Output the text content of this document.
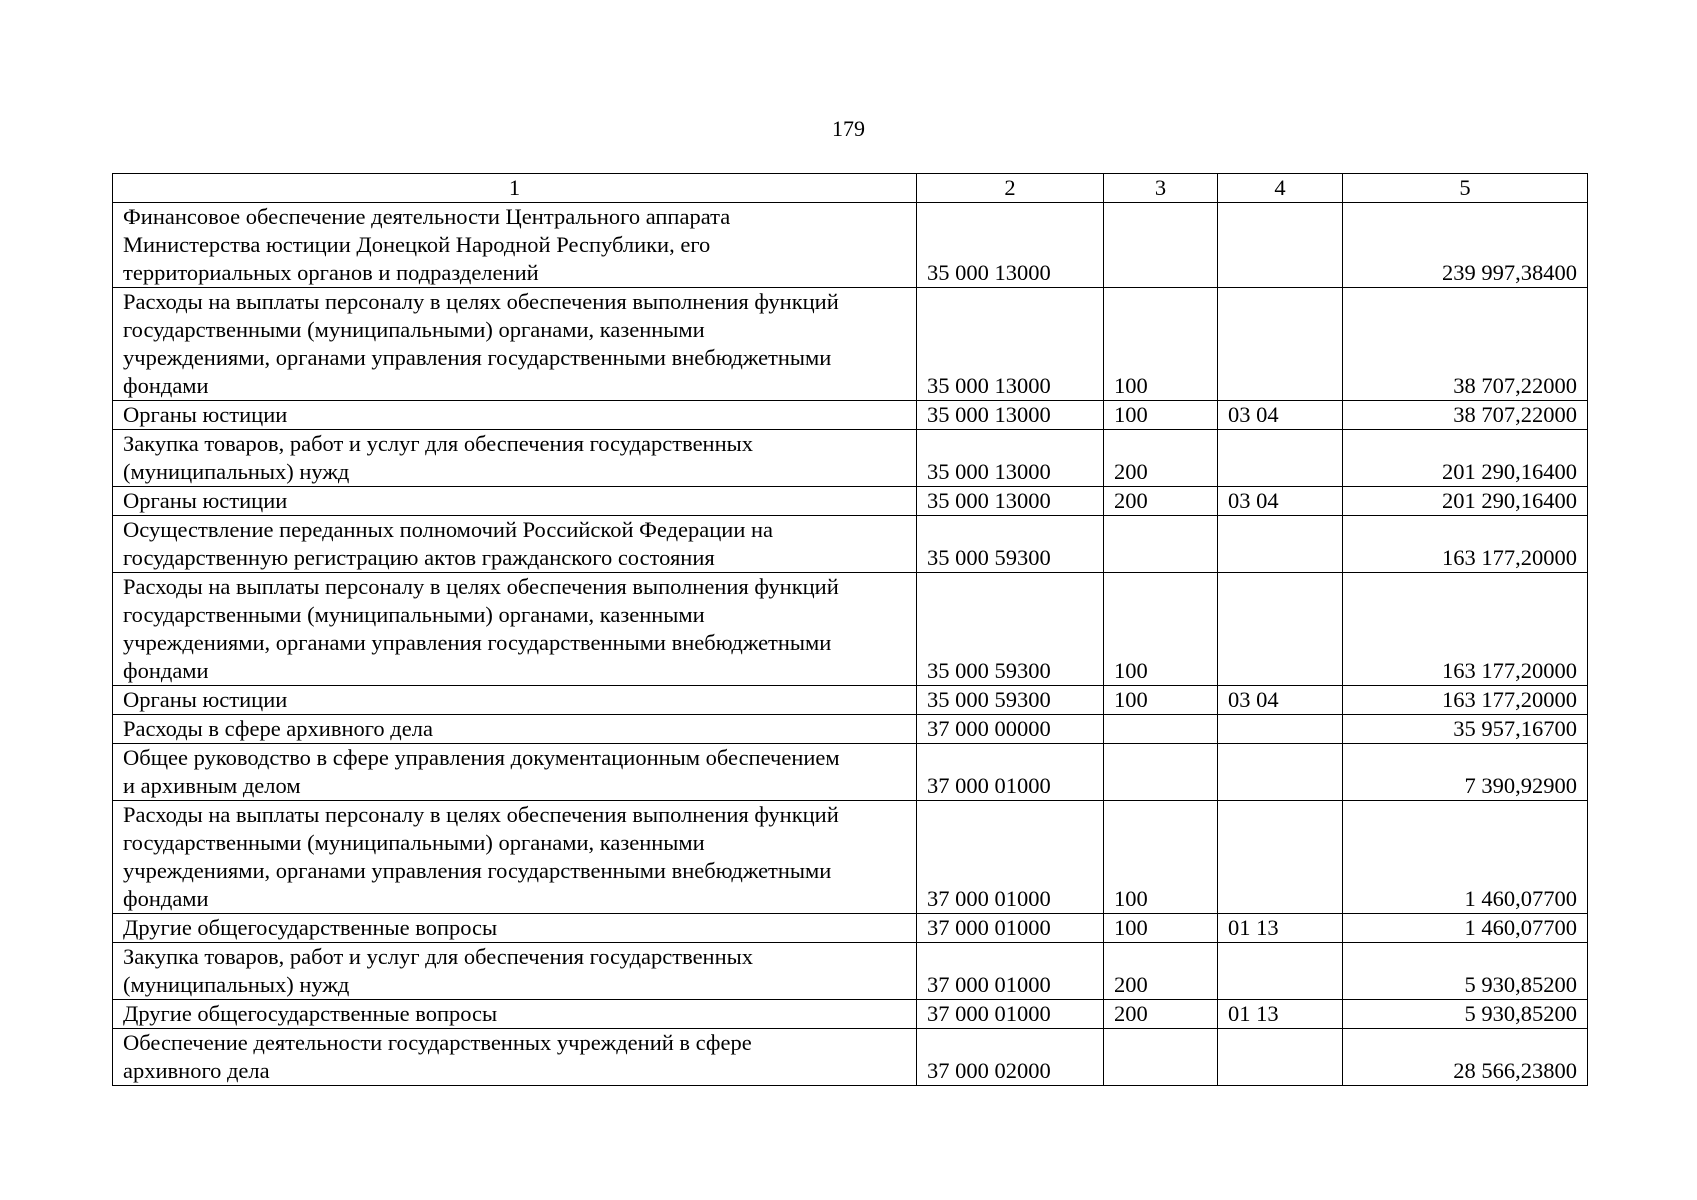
179
1	2	3	4	5

Финансовое обеспечение деятельности Центрального аппарата
Министерства юстиции Донецкой Народной Республики, его
территориальных органов и подразделений	35 000 13000			239 997,38400

Расходы на выплаты персоналу в целях обеспечения выполнения функций
государственными (муниципальными) органами, казенными
учреждениями, органами управления государственными внебюджетными
фондами	35 000 13000	100		38 707,22000

Органы юстиции	35 000 13000	100	03 04	38 707,22000

Закупка товаров, работ и услуг для обеспечения государственных
(муниципальных) нужд	35 000 13000	200		201 290,16400

Органы юстиции	35 000 13000	200	03 04	201 290,16400

Осуществление переданных полномочий Российской Федерации на
государственную регистрацию актов гражданского состояния	35 000 59300			163 177,20000

Расходы на выплаты персоналу в целях обеспечения выполнения функций
государственными (муниципальными) органами, казенными
учреждениями, органами управления государственными внебюджетными
фондами	35 000 59300	100		163 177,20000

Органы юстиции	35 000 59300	100	03 04	163 177,20000

Расходы в сфере архивного дела	37 000 00000			35 957,16700

Общее руководство в сфере управления документационным обеспечением
и архивным делом	37 000 01000			7 390,92900

Расходы на выплаты персоналу в целях обеспечения выполнения функций
государственными (муниципальными) органами, казенными
учреждениями, органами управления государственными внебюджетными
фондами	37 000 01000	100		1 460,07700

Другие общегосударственные вопросы	37 000 01000	100	01 13	1 460,07700

Закупка товаров, работ и услуг для обеспечения государственных
(муниципальных) нужд	37 000 01000	200		5 930,85200

Другие общегосударственные вопросы	37 000 01000	200	01 13	5 930,85200

Обеспечение деятельности государственных учреждений в сфере
архивного дела	37 000 02000			28 566,23800
